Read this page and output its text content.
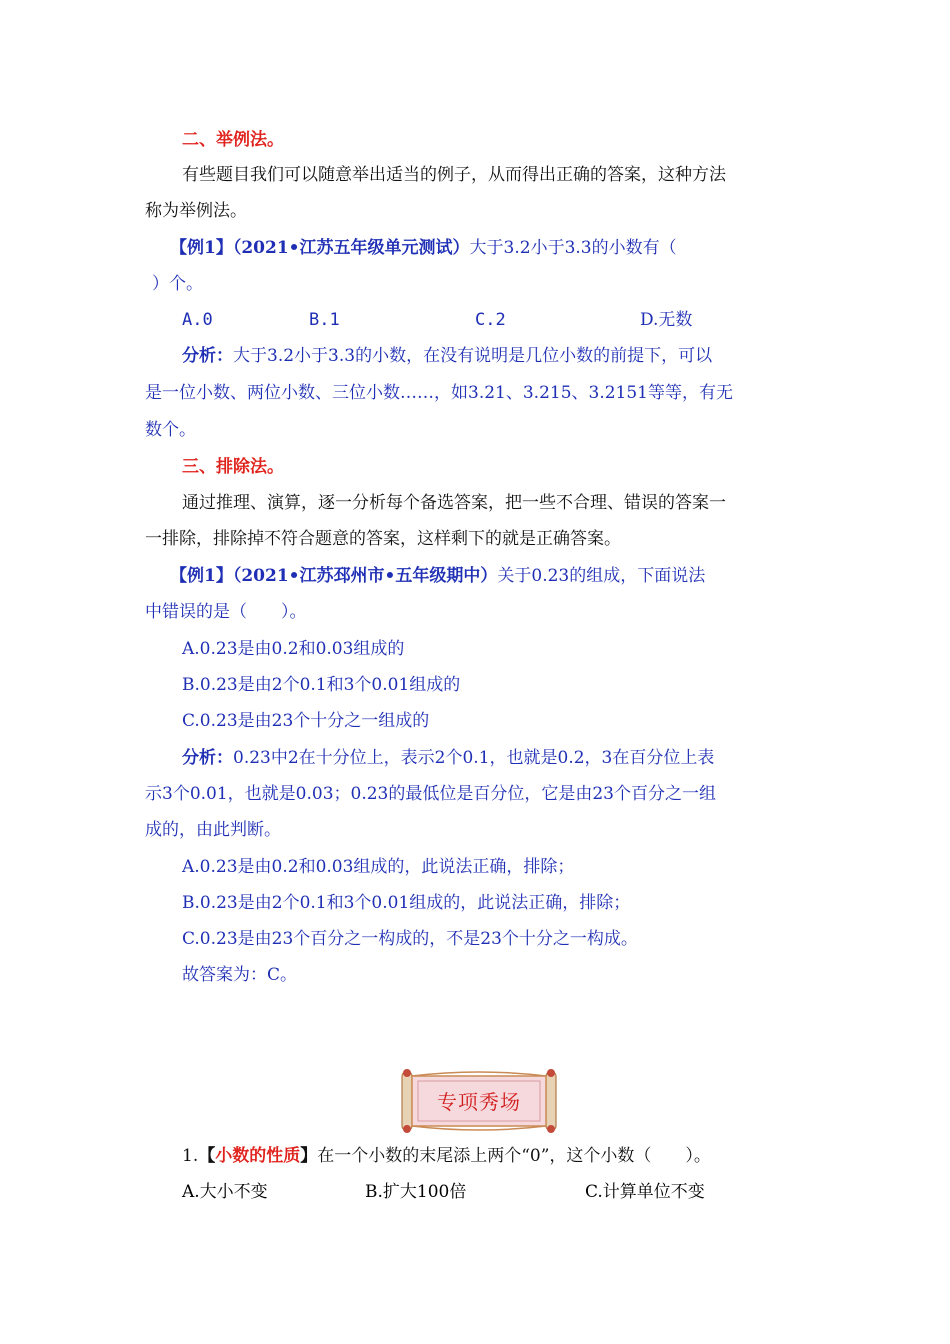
二、举例法。
有些题目我们可以随意举出适当的例子，从而得出正确的答案，这种方法
称为举例法。
【例1】（2021•江苏五年级单元测试）大于3.2小于3.3的小数有（
）个。
A.0	B.1	C.2	D.无数
分析：大于3.2小于3.3的小数，在没有说明是几位小数的前提下，可以
是一位小数、两位小数、三位小数……，如3.21、3.215、3.2151等等，有无
数个。
三、排除法。
通过推理、演算，逐一分析每个备选答案，把一些不合理、错误的答案一
一排除，排除掉不符合题意的答案，这样剩下的就是正确答案。
【例1】（2021•江苏邳州市•五年级期中）关于0.23的组成，下面说法
中错误的是（　　）。
A.0.23是由0.2和0.03组成的
B.0.23是由2个0.1和3个0.01组成的
C.0.23是由23个十分之一组成的
分析：0.23中2在十分位上，表示2个0.1，也就是0.2，3在百分位上表
示3个0.01，也就是0.03；0.23的最低位是百分位，它是由23个百分之一组
成的，由此判断。
A.0.23是由0.2和0.03组成的，此说法正确，排除；
B.0.23是由2个0.1和3个0.01组成的，此说法正确，排除；
C.0.23是由23个百分之一构成的，不是23个十分之一构成。
故答案为：C。
专项秀场
1.【小数的性质】在一个小数的末尾添上两个“0”，这个小数（　　）。
A.大小不变	B.扩大100倍	C.计算单位不变
